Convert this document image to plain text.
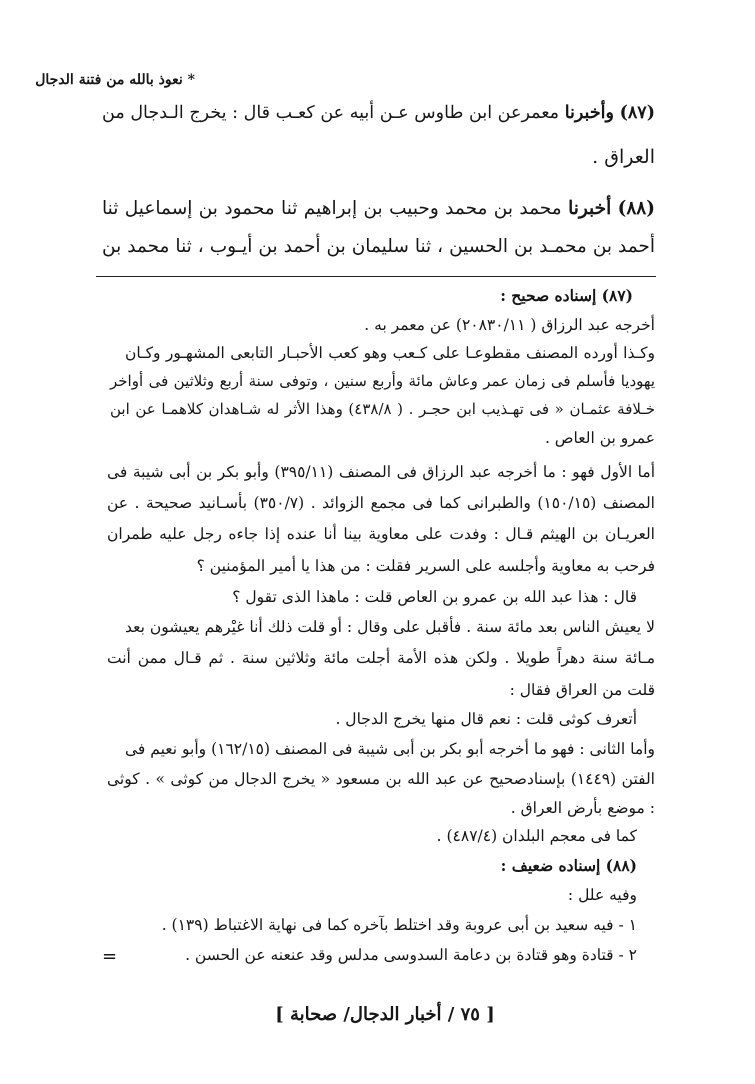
* نعوذ بالله من فتنة الدجال
(٨٧) وأخبرنا معمرعن ابن طاوس عـن أبيه عن كعـب قال : يخرج الـدجال من
العراق .
(٨٨) أخبرنا محمد بن محمد وحبيب بن إبراهيم ثنا محمود بن إسماعيل ثنا
أحمد بن محمـد بن الحسين ، ثنا سليمان بن أحمد بن أيـوب ، ثنا محمد بن
(٨٧) إسناده صحيح :
أخرجه عبد الرزاق ( ٢٠٨٣٠/١١) عن معمر به .
وكـذا أورده المصنف مقطوعـا على كـعب وهو كعب الأحبـار التابعى المشهـور وكـان
يهوديا فأسلم فى زمان عمر وعاش مائة وأربع سنين ، وتوفى سنة أربع وثلاثين فى أواخر
خـلافة عثمـان « فى تهـذيب ابن حجـر . ( ٤٣٨/٨) وهذا الأثر له شـاهدان كلاهمـا عن ابن
عمرو بن العاص .
أما الأول فهو : ما أخرجه عبد الرزاق فى المصنف (٣٩٥/١١) وأبو بكر بن أبى شيبة فى
المصنف (١٥٠/١٥) والطبرانى كما فى مجمع الزوائد . (٣٥٠/٧) بأسـانيد صحيحة . عن
العريـان بن الهيثم قـال : وفدت على معاوية بينا أنا عنده إذا جاءه رجل عليه طمران
فرحب به معاوية وأجلسه على السرير فقلت : من هذا يا أمير المؤمنين ؟
قال : هذا عبد الله بن عمرو بن العاص قلت : ماهذا الذى تقول ؟
لا يعيش الناس بعد مائة سنة . فأقبل على وقال : أو قلت ذلك أنا غيْرهم يعيشون بعد
مـائة سنة دهراً طويلا . ولكن هذه الأمة أجلت مائة وثلاثين سنة . ثم قـال ممن أنت
قلت من العراق فقال :
أتعرف كوثى قلت : نعم قال منها يخرج الدجال .
وأما الثانى : فهو ما أخرجه أبو بكر بن أبى شيبة فى المصنف (١٦٢/١٥) وأبو نعيم فى
الفتن (١٤٤٩) بإسنادصحيح عن عبد الله بن مسعود « يخرج الدجال من كوثى » . كوثى
: موضع بأرض العراق .
كما فى معجم البلدان (٤٨٧/٤) .
(٨٨) إسناده ضعيف :
وفيه علل :
١ - فيه سعيد بن أبى عروبة وقد اختلط بآخره كما فى نهاية الاغتباط (١٣٩) .
٢ - قتادة وهو قتادة بن دعامة السدوسى مدلس وقد عنعنه عن الحسن .
=
[ ٧٥ / أخبار الدجال/ صحابة ]
